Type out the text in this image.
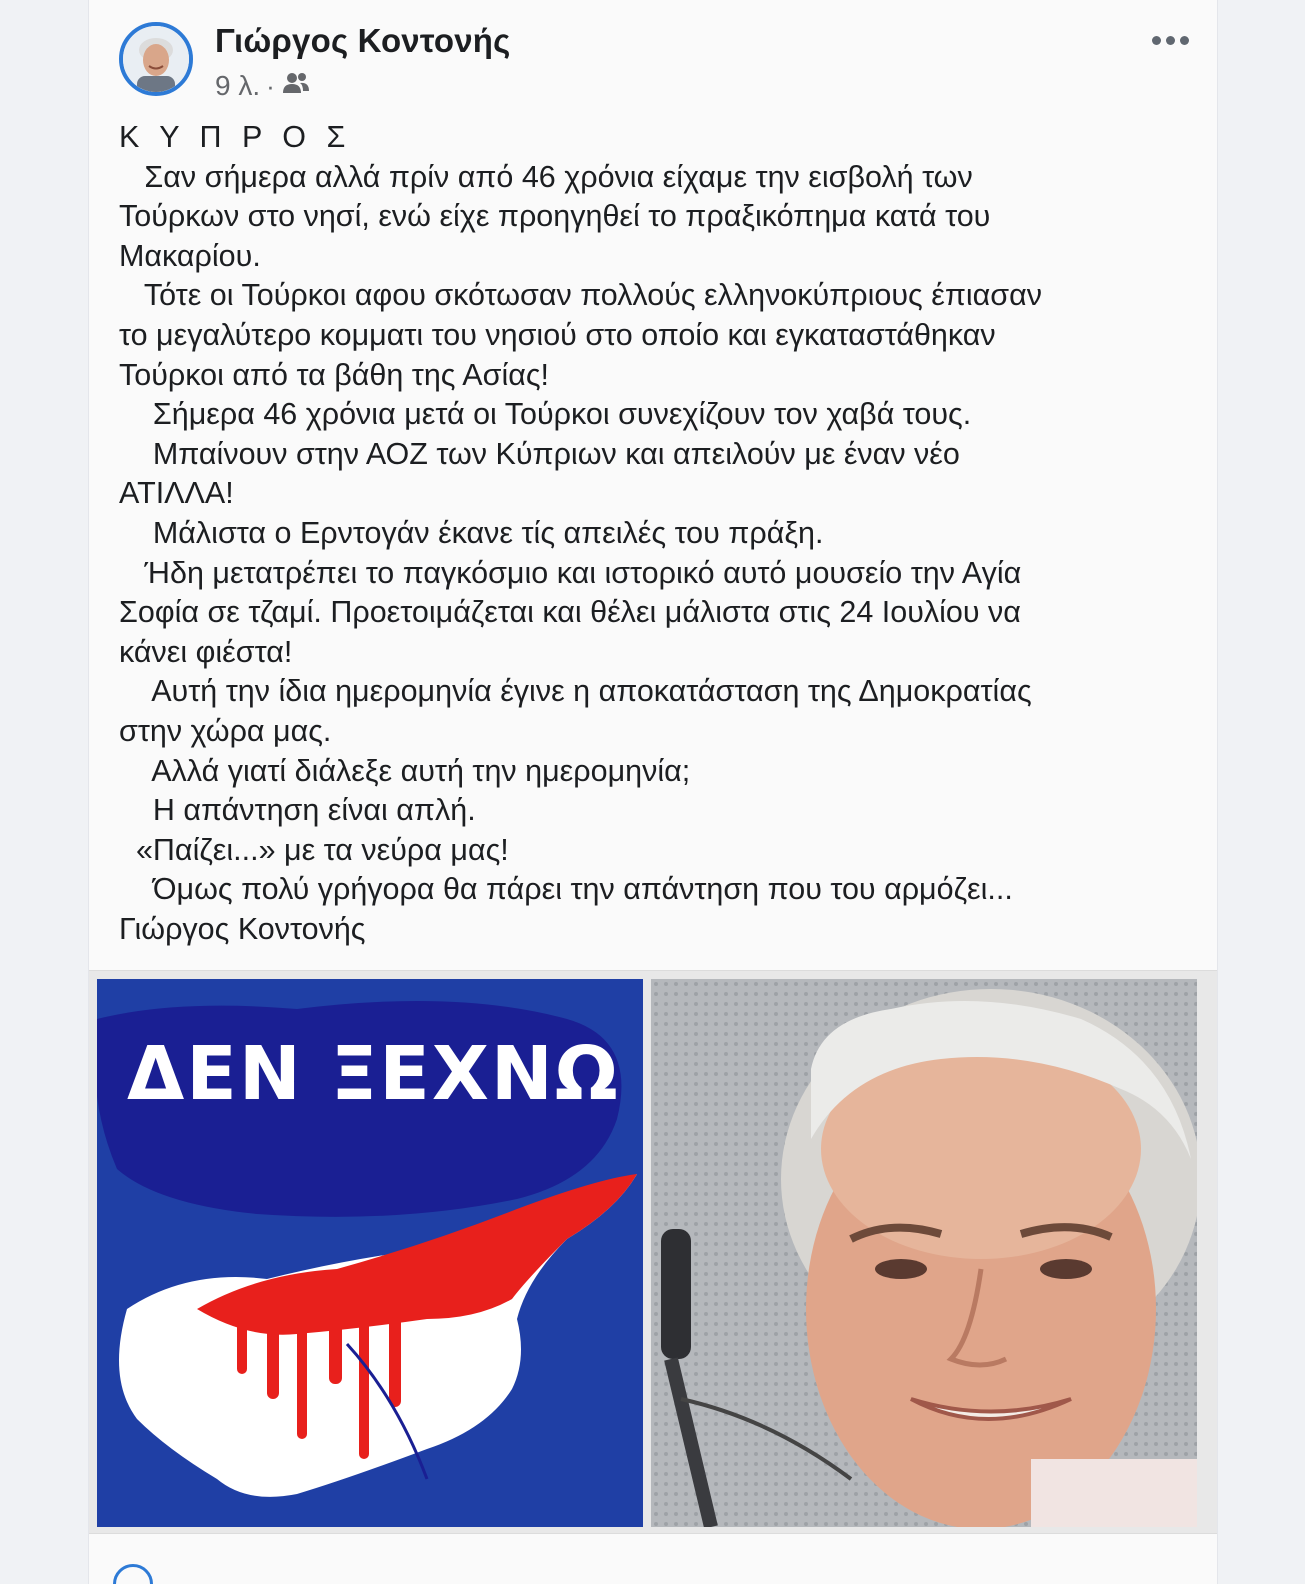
Γιώργος Κοντονής
9 λ. ·
Κ Υ Π Ρ Ο Σ
Σαν σήμερα αλλά πρίν από 46 χρόνια είχαμε την εισβολή των
Τούρκων στο νησί, ενώ είχε προηγηθεί το πραξικόπημα κατά του
Μακαρίου.
Τότε οι Τούρκοι αφου σκότωσαν πολλούς ελληνοκύπριους έπιασαν
το μεγαλύτερο κομματι του νησιού στο οποίο και εγκαταστάθηκαν
Τούρκοι από τα βάθη της Ασίας!
Σήμερα 46 χρόνια μετά οι Τούρκοι συνεχίζουν τον χαβά τους.
Μπαίνουν στην ΑΟΖ των Κύπριων και απειλούν με έναν νέο
ΑΤΙΛΛΑ!
Μάλιστα ο Ερντογάν έκανε τίς απειλές του πράξη.
Ήδη μετατρέπει το παγκόσμιο και ιστορικό αυτό μουσείο την Αγία
Σοφία σε τζαμί. Προετοιμάζεται και θέλει μάλιστα στις 24 Ιουλίου να
κάνει φιέστα!
Αυτή την ίδια ημερομηνία έγινε η αποκατάσταση της Δημοκρατίας
στην χώρα μας.
Αλλά γιατί διάλεξε αυτή την ημερομηνία;
Η απάντηση είναι απλή.
«Παίζει...» με τα νεύρα μας!
Όμως πολύ γρήγορα θα πάρει την απάντηση που του αρμόζει...
Γιώργος Κοντονής
ΔΕΝ ΞΕΧΝΩ
